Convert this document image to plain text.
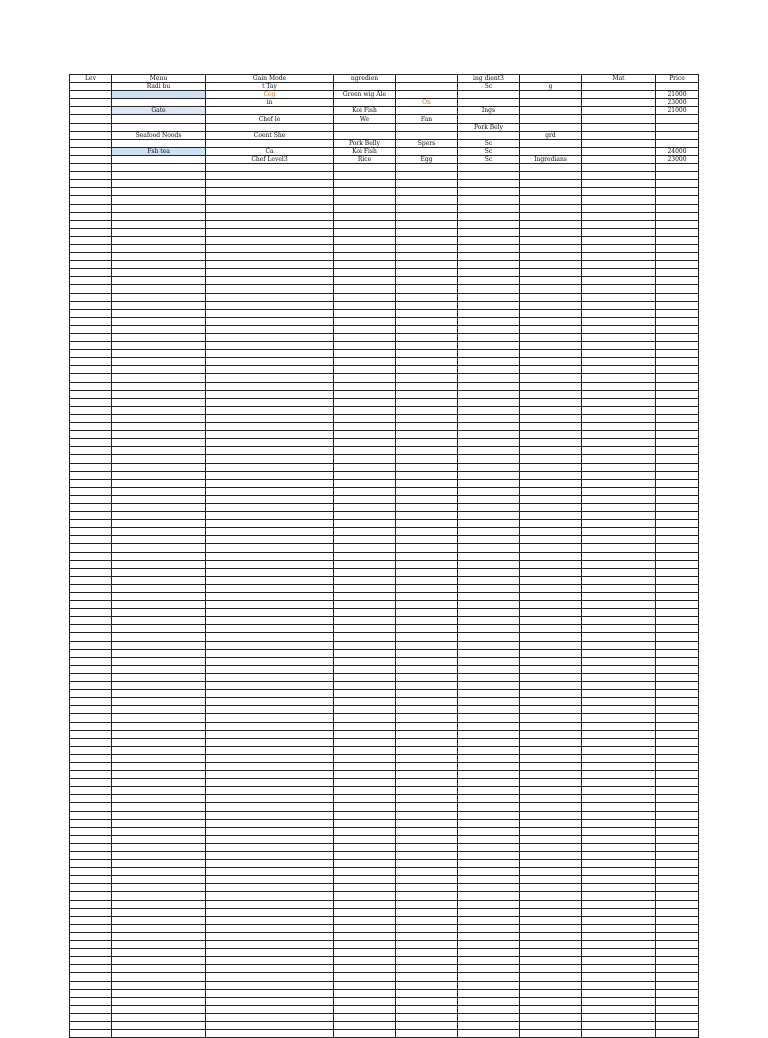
Lev	Menu	Gain Mode	ngredien		ing dient3		Mat	Price
	Radi bu	t Tay			Sc	g		
		Cog	Green wig Ale					21000
		in		On				23000
	Gate		Koi Fish		Ings			21000
		Chef le	We	Fan				
					Pork Bely			
	Seafood Noods	Coent She				grd		
			Pork Belly	Spers	Sc			
	Fsh tea	Ca	Koi Fish		Sc			24000
		Chef Level3	Rice	Egg	Sc	Ingredians		23000
